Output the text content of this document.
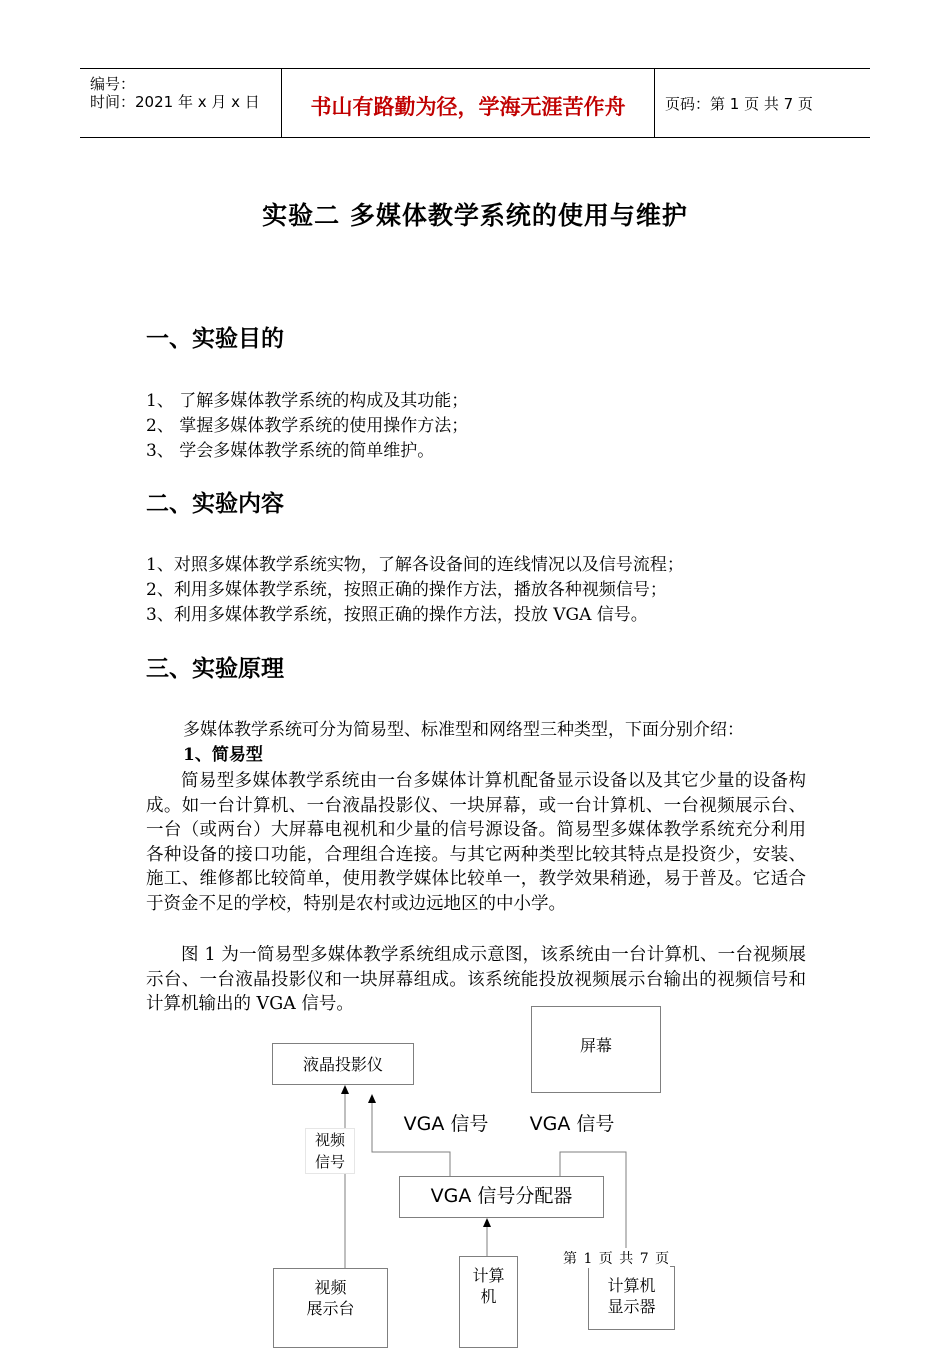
编号：
时间：2021 年 x 月 x 日	书山有路勤为径，学海无涯苦作舟	页码：第 1 页 共 7 页
实验二 多媒体教学系统的使用与维护
一、实验目的
1、 了解多媒体教学系统的构成及其功能；
2、 掌握多媒体教学系统的使用操作方法；
3、 学会多媒体教学系统的简单维护。
二、实验内容
1、对照多媒体教学系统实物，了解各设备间的连线情况以及信号流程；
2、利用多媒体教学系统，按照正确的操作方法，播放各种视频信号；
3、利用多媒体教学系统，按照正确的操作方法，投放 VGA 信号。
三、实验原理
多媒体教学系统可分为简易型、标准型和网络型三种类型，下面分别介绍：
1、简易型
简易型多媒体教学系统由一台多媒体计算机配备显示设备以及其它少量的设备构成。如一台计算机、一台液晶投影仪、一块屏幕，或一台计算机、一台视频展示台、一台（或两台）大屏幕电视机和少量的信号源设备。简易型多媒体教学系统充分利用各种设备的接口功能，合理组合连接。与其它两种类型比较其特点是投资少，安装、施工、维修都比较简单，使用教学媒体比较单一，教学效果稍逊，易于普及。它适合于资金不足的学校，特别是农村或边远地区的中小学。
图 1 为一简易型多媒体教学系统组成示意图，该系统由一台计算机、一台视频展示台、一台液晶投影仪和一块屏幕组成。该系统能投放视频展示台输出的视频信号和计算机输出的 VGA 信号。
液晶投影仪
屏幕
VGA 信号	VGA 信号
视频
信号
VGA 信号分配器
视频
展示台
计算
机
计算机
显示器
第 1 页 共 7 页
